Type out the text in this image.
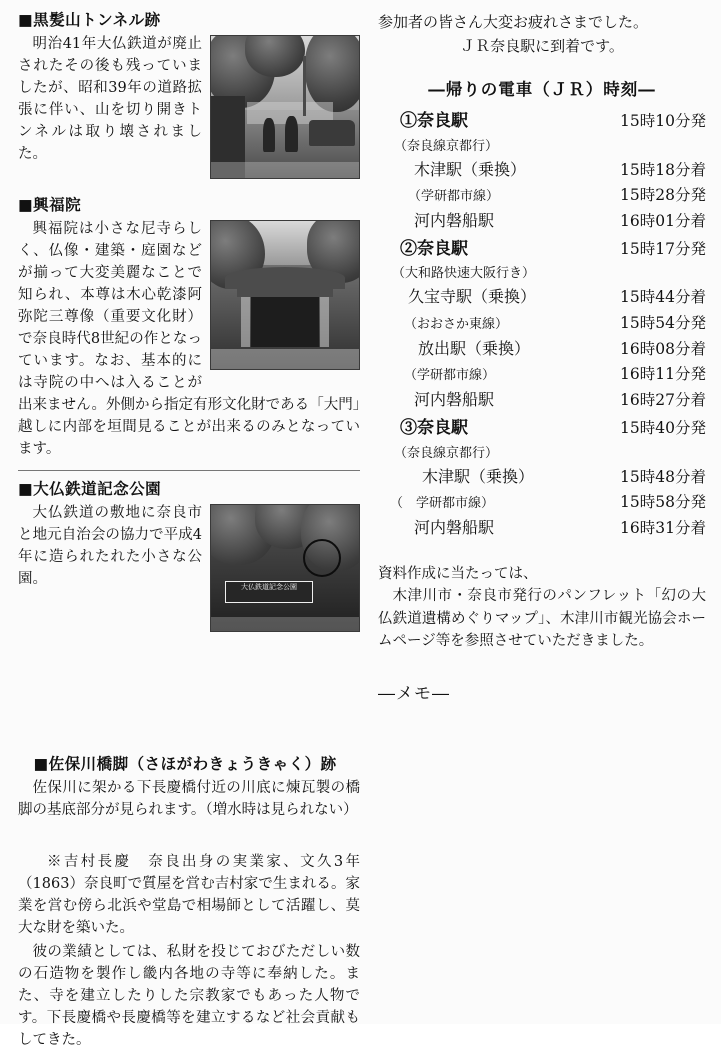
■黒髪山トンネル跡

明治41年大仏鉄道が廃止されたその後も残っていましたが、昭和39年の道路拡張に伴い、山を切り開きトンネルは取り壊されました。

■興福院

興福院は小さな尼寺らしく、仏像・建築・庭園などが揃って大変美麗なことで知られ、本尊は木心乾漆阿弥陀三尊像（重要文化財）で奈良時代8世紀の作となっています。なお、基本的には寺院の中へは入ることが出来ません。外側から指定有形文化財である「大門」越しに内部を垣間見ることが出来るのみとなっています。

■大仏鉄道記念公園
大仏鉄道記念公園

大仏鉄道の敷地に奈良市と地元自治会の協力で平成4年に造られたれた小さな公園。

■佐保川橋脚（さほがわきょうきゃく）跡

佐保川に架かる下長慶橋付近の川底に煉瓦製の橋脚の基底部分が見られます。（増水時は見られない）

※吉村長慶　奈良出身の実業家、文久3年（1863）奈良町で質屋を営む吉村家で生まれる。家業を営む傍ら北浜や堂島で相場師として活躍し、莫大な財を築いた。

彼の業績としては、私財を投じておびただしい数の石造物を製作し畿内各地の寺等に奉納した。また、寺を建立したりした宗教家でもあった人物です。下長慶橋や長慶橋等を建立するなど社会貢献もしてきた。

参加者の皆さん大変お疲れさまでした。

ＪＲ奈良駅に到着です。

―帰りの電車（ＪＲ）時刻―
①奈良駅	15時10分発
（奈良線京都行）	
木津駅（乗換）	15時18分着
（学研都市線）	15時28分発
河内磐船駅	16時01分着
②奈良駅	15時17分発
（大和路快速大阪行き）	
久宝寺駅（乗換）	15時44分着
（おおさか東線）	15時54分発
放出駅（乗換）	16時08分着
（学研都市線）	16時11分発
河内磐船駅	16時27分着
③奈良駅	15時40分発
（奈良線京都行）	
木津駅（乗換）	15時48分着
（　学研都市線）	15時58分発
河内磐船駅	16時31分着
資料作成に当たっては、
木津川市・奈良市発行のパンフレット「幻の大仏鉄道遺構めぐりマップ」、木津川市観光協会ホームページ等を参照させていただきました。
―メモ―
